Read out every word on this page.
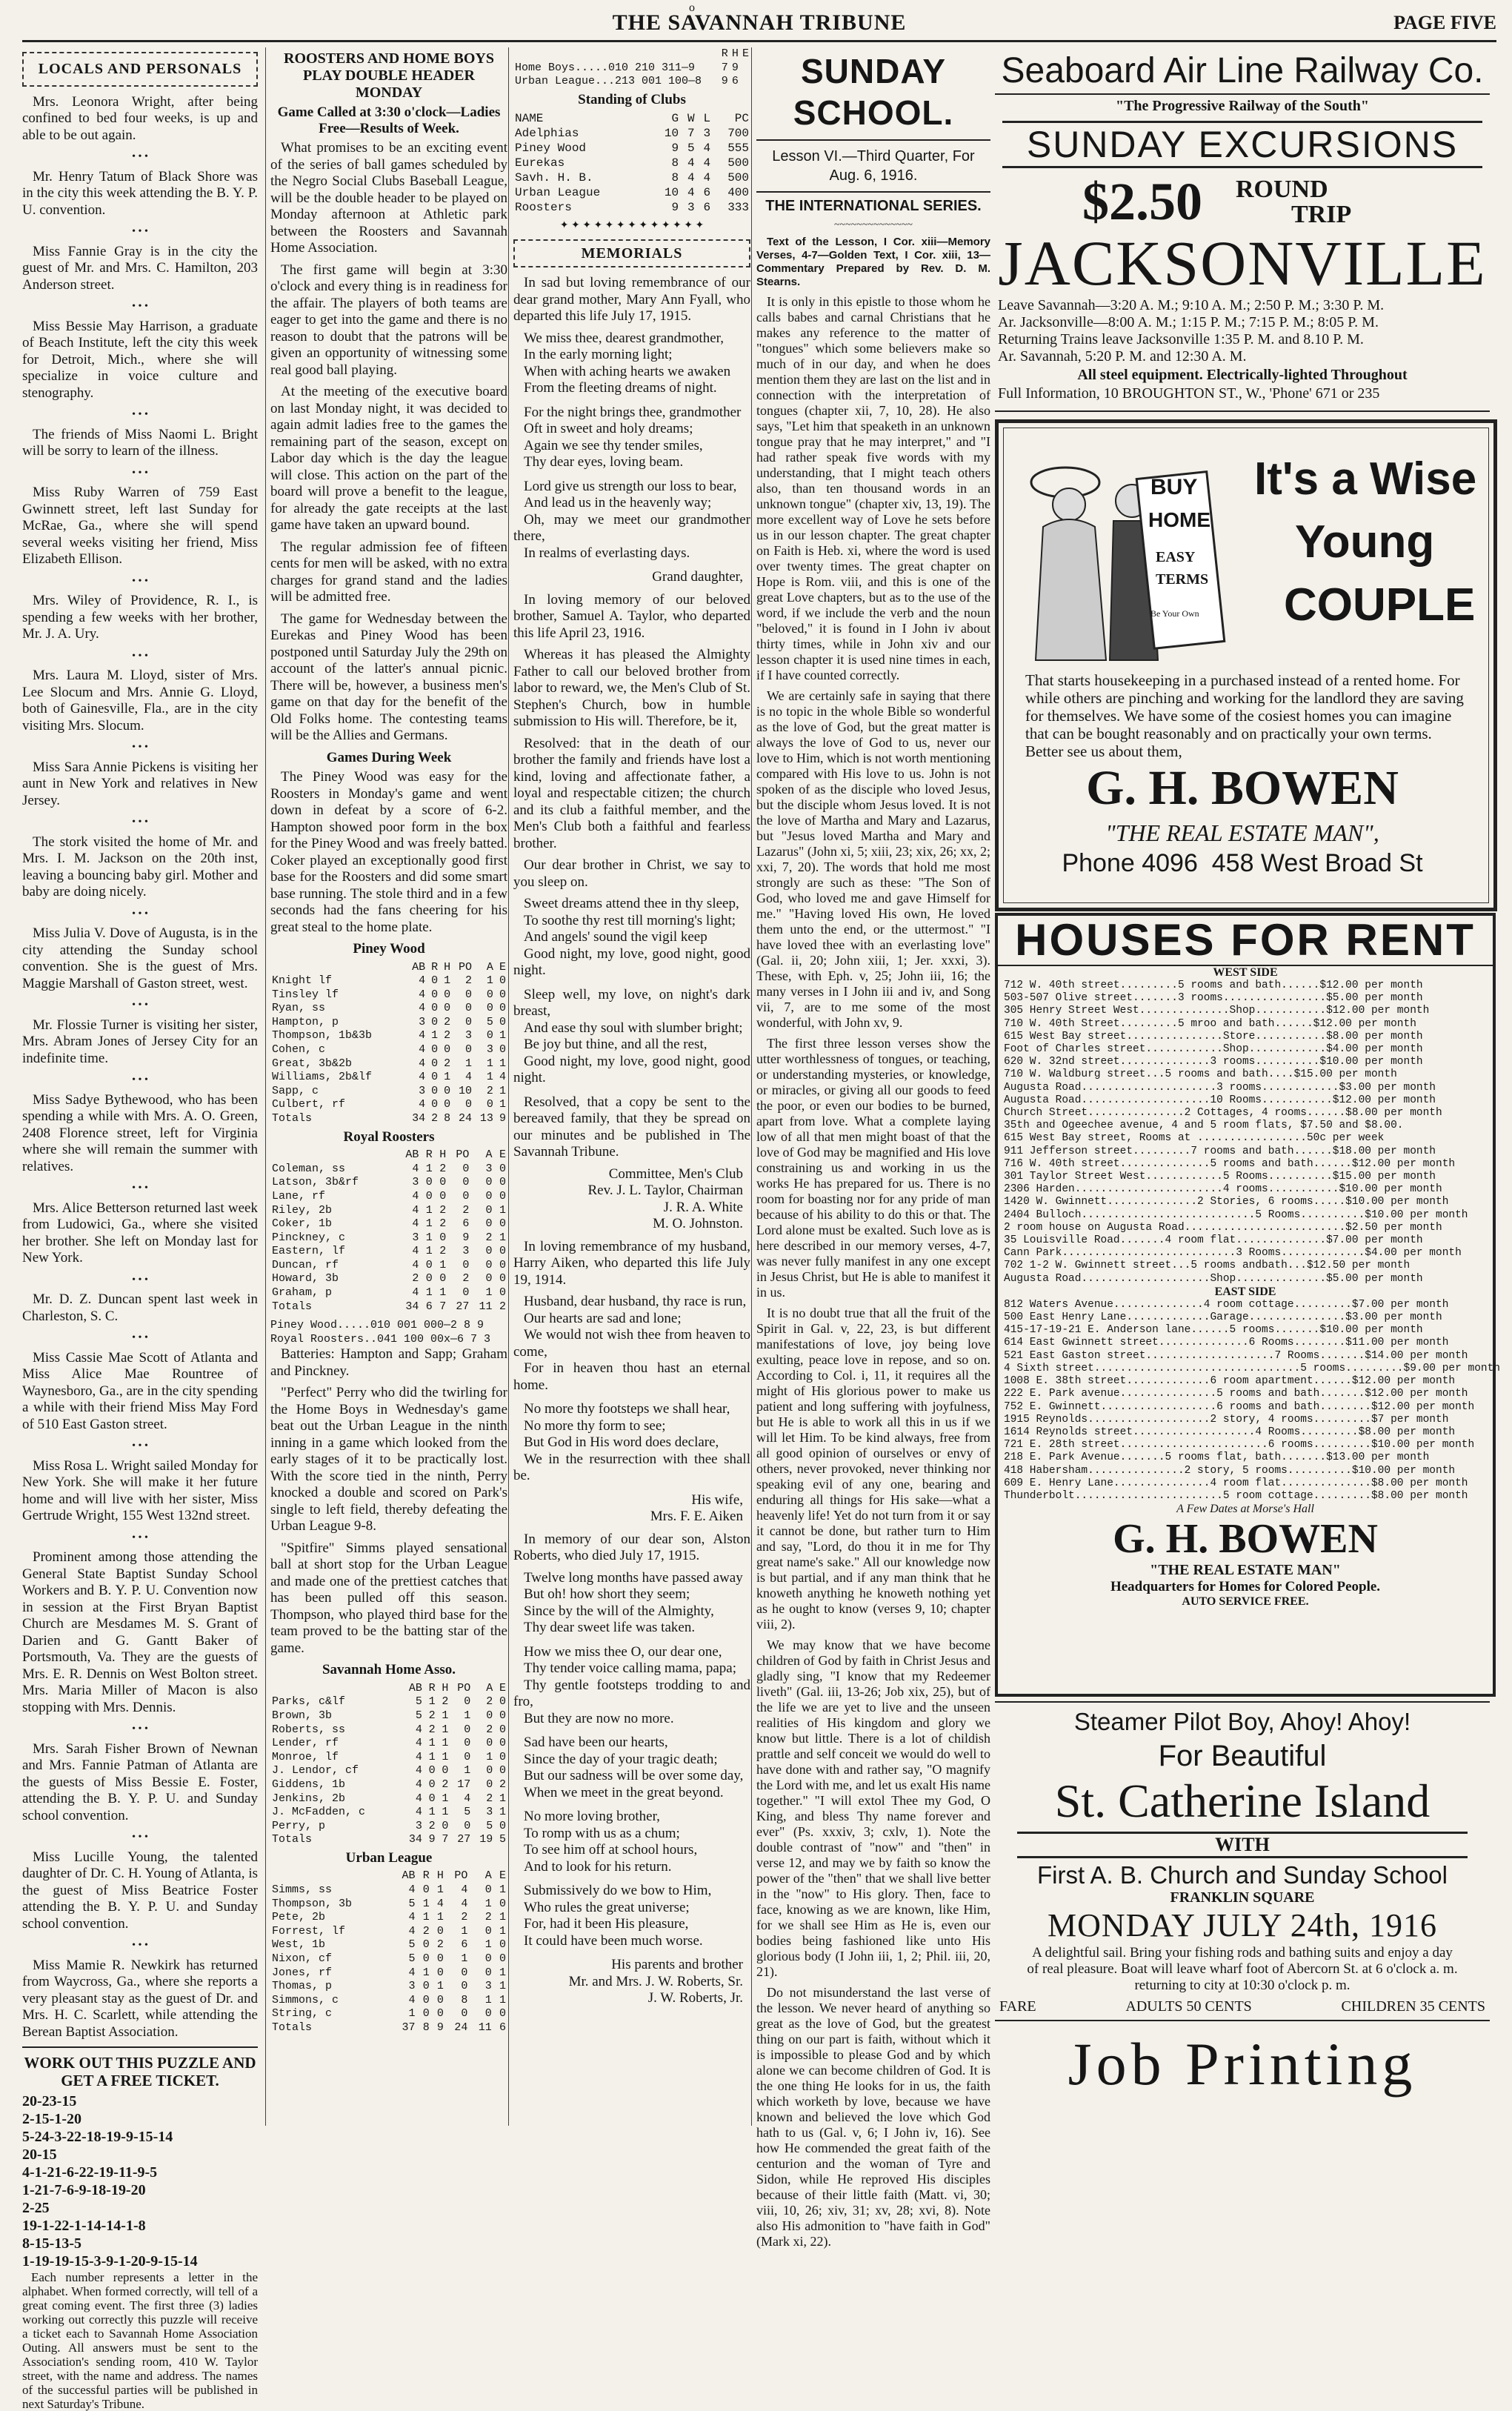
o
THE SAVANNAH TRIBUNE	PAGE FIVE
LOCALS AND PERSONALS

Mrs. Leonora Wright, after being confined to bed four weeks, is up and able to be out again.

• • •

Mr. Henry Tatum of Black Shore was in the city this week attending the B. Y. P. U. convention.

• • •

Miss Fannie Gray is in the city the guest of Mr. and Mrs. C. Hamilton, 203 Anderson street.

• • •

Miss Bessie May Harrison, a graduate of Beach Institute, left the city this week for Detroit, Mich., where she will specialize in voice culture and stenography.

• • •

The friends of Miss Naomi L. Bright will be sorry to learn of the illness.

• • •

Miss Ruby Warren of 759 East Gwinnett street, left last Sunday for McRae, Ga., where she will spend several weeks visiting her friend, Miss Elizabeth Ellison.

• • •

Mrs. Wiley of Providence, R. I., is spending a few weeks with her brother, Mr. J. A. Ury.

• • •

Mrs. Laura M. Lloyd, sister of Mrs. Lee Slocum and Mrs. Annie G. Lloyd, both of Gainesville, Fla., are in the city visiting Mrs. Slocum.

• • •

Miss Sara Annie Pickens is visiting her aunt in New York and relatives in New Jersey.

• • •

The stork visited the home of Mr. and Mrs. I. M. Jackson on the 20th inst, leaving a bouncing baby girl. Mother and baby are doing nicely.

• • •

Miss Julia V. Dove of Augusta, is in the city attending the Sunday school convention. She is the guest of Mrs. Maggie Marshall of Gaston street, west.

• • •

Mr. Flossie Turner is visiting her sister, Mrs. Abram Jones of Jersey City for an indefinite time.

• • •

Miss Sadye Bythewood, who has been spending a while with Mrs. A. O. Green, 2408 Florence street, left for Virginia where she will remain the summer with relatives.

• • •

Mrs. Alice Betterson returned last week from Ludowici, Ga., where she visited her brother. She left on Monday last for New York.

• • •

Mr. D. Z. Duncan spent last week in Charleston, S. C.

• • •

Miss Cassie Mae Scott of Atlanta and Miss Alice Mae Rountree of Waynesboro, Ga., are in the city spending a while with their friend Miss May Ford of 510 East Gaston street.

• • •

Miss Rosa L. Wright sailed Monday for New York. She will make it her future home and will live with her sister, Miss Gertrude Wright, 155 West 132nd street.

• • •

Prominent among those attending the General State Baptist Sunday School Workers and B. Y. P. U. Convention now in session at the First Bryan Baptist Church are Mesdames M. S. Grant of Darien and G. Gantt Baker of Portsmouth, Va. They are the guests of Mrs. E. R. Dennis on West Bolton street. Mrs. Maria Miller of Macon is also stopping with Mrs. Dennis.

• • •

Mrs. Sarah Fisher Brown of Newnan and Mrs. Fannie Patman of Atlanta are the guests of Miss Bessie E. Foster, attending the B. Y. P. U. and Sunday school convention.

• • •

Miss Lucille Young, the talented daughter of Dr. C. H. Young of Atlanta, is the guest of Miss Beatrice Foster attending the B. Y. P. U. and Sunday school convention.

• • •

Miss Mamie R. Newkirk has returned from Waycross, Ga., where she reports a very pleasant stay as the guest of Dr. and Mrs. H. C. Scarlett, while attending the Berean Baptist Association.

WORK OUT THIS PUZZLE AND GET A FREE TICKET.
20-23-15
2-15-1-20
5-24-3-22-18-19-9-15-14
20-15
4-1-21-6-22-19-11-9-5
1-21-7-6-9-18-19-20
2-25
19-1-22-1-14-14-1-8
8-15-13-5
1-19-19-15-3-9-1-20-9-15-14

Each number represents a letter in the alphabet. When formed correctly, will tell of a great coming event. The first three (3) ladies working out correctly this puzzle will receive a ticket each to Savannah Home Association Outing. All answers must be sent to the Association's sending room, 410 W. Taylor street, with the name and address. The names of the successful parties will be published in next Saturday's Tribune.

ROOSTERS AND HOME BOYS PLAY DOUBLE HEADER MONDAY
Game Called at 3:30 o'clock—Ladies Free—Results of Week.

What promises to be an exciting event of the series of ball games scheduled by the Negro Social Clubs Baseball League, will be the double header to be played on Monday afternoon at Athletic park between the Roosters and Savannah Home Association.

The first game will begin at 3:30 o'clock and every thing is in readiness for the affair. The players of both teams are eager to get into the game and there is no reason to doubt that the patrons will be given an opportunity of witnessing some real good ball playing.

At the meeting of the executive board on last Monday night, it was decided to again admit ladies free to the games the remaining part of the season, except on Labor day which is the day the league will close. This action on the part of the board will prove a benefit to the league, for already the gate receipts at the last game have taken an upward bound.

The regular admission fee of fifteen cents for men will be asked, with no extra charges for grand stand and the ladies will be admitted free.

The game for Wednesday between the Eurekas and Piney Wood has been postponed until Saturday July the 29th on account of the latter's annual picnic. There will be, however, a business men's game on that day for the benefit of the Old Folks home. The contesting teams will be the Allies and Germans.

Games During Week

The Piney Wood was easy for the Roosters in Monday's game and went down in defeat by a score of 6-2. Hampton showed poor form in the box for the Piney Wood and was freely batted. Coker played an exceptionally good first base for the Roosters and did some smart base running. The stole third and in a few seconds had the fans cheering for his great steal to the home plate.

Piney Wood
	AB	R	H	PO	A	E
Knight lf	4	0	1	2	1	0
Tinsley lf	4	0	0	0	0	0
Ryan, ss	4	0	0	0	0	0
Hampton, p	3	0	2	0	5	0
Thompson, 1b&3b	4	1	2	3	0	1
Cohen, c	4	0	0	0	3	0
Great, 3b&2b	4	0	2	1	1	1
Williams, 2b&lf	4	0	1	4	1	4
Sapp, c	3	0	0	10	2	1
Culbert, rf	4	0	0	0	0	1
Totals	34	2	8	24	13	9
Royal Roosters
	AB	R	H	PO	A	E
Coleman, ss	4	1	2	0	3	0
Latson, 3b&rf	3	0	0	0	0	0
Lane, rf	4	0	0	0	0	0
Riley, 2b	4	1	2	2	0	1
Coker, 1b	4	1	2	6	0	0
Pinckney, c	3	1	0	9	2	1
Eastern, lf	4	1	2	3	0	0
Duncan, rf	4	0	1	0	0	0
Howard, 3b	2	0	0	2	0	0
Graham, p	4	1	1	0	1	0
Totals	34	6	7	27	11	2
Piney Wood.....010 001 000—2 8 9
Royal Roosters..041 100 00x—6 7 3

Batteries: Hampton and Sapp; Graham and Pinckney.

"Perfect" Perry who did the twirling for the Home Boys in Wednesday's game beat out the Urban League in the ninth inning in a game which looked from the early stages of it to be practically lost. With the score tied in the ninth, Perry knocked a double and scored on Park's single to left field, thereby defeating the Urban League 9-8.

"Spitfire" Simms played sensational ball at short stop for the Urban League and made one of the prettiest catches that has been pulled off this season. Thompson, who played third base for the team proved to be the batting star of the game.

Savannah Home Asso.
	AB	R	H	PO	A	E
Parks, c&lf	5	1	2	0	2	0
Brown, 3b	5	2	1	1	0	0
Roberts, ss	4	2	1	0	2	0
Lender, rf	4	1	1	0	0	0
Monroe, lf	4	1	1	0	1	0
J. Lendor, cf	4	0	0	1	0	0
Giddens, 1b	4	0	2	17	0	2
Jenkins, 2b	4	0	1	4	2	1
J. McFadden, c	4	1	1	5	3	1
Perry, p	3	2	0	0	5	0
Totals	34	9	7	27	19	5
Urban League
	AB	R	H	PO	A	E
Simms, ss	4	0	1	4	0	1
Thompson, 3b	5	1	4	4	1	0
Pete, 2b	4	1	1	2	2	1
Forrest, lf	4	2	0	1	0	1
West, 1b	5	0	2	6	1	0
Nixon, cf	5	0	0	1	0	0
Jones, rf	4	1	0	0	0	1
Thomas, p	3	0	1	0	3	1
Simmons, c	4	0	0	8	1	1
String, c	1	0	0	0	0	0
Totals	37	8	9	24	11	6
	R	H	E
Home Boys.....010 210 311—9	7	9	
Urban League...213 001 100—8	9	6	
Standing of Clubs
NAME	G	W	L	PC
Adelphias	10	7	3	700
Piney Wood	9	5	4	555
Eurekas	8	4	4	500
Savh. H. B.	8	4	4	500
Urban League	10	4	6	400
Roosters	9	3	6	333
✦ ✦ ✦ ✦ ✦ ✦ ✦ ✦ ✦ ✦ ✦ ✦ ✦
MEMORIALS

In sad but loving remembrance of our dear grand mother, Mary Ann Fyall, who departed this life July 17, 1915.

We miss thee, dearest grandmother,

In the early morning light;

When with aching hearts we awaken

From the fleeting dreams of night.

For the night brings thee, grandmother

Oft in sweet and holy dreams;

Again we see thy tender smiles,

Thy dear eyes, loving beam.

Lord give us strength our loss to bear,

And lead us in the heavenly way;

Oh, may we meet our grandmother there,

In realms of everlasting days.

Grand daughter,

In loving memory of our beloved brother, Samuel A. Taylor, who departed this life April 23, 1916.

Whereas it has pleased the Almighty Father to call our beloved brother from labor to reward, we, the Men's Club of St. Stephen's Church, bow in humble submission to His will. Therefore, be it,

Resolved: that in the death of our brother the family and friends have lost a kind, loving and affectionate father, a loyal and respectable citizen; the church and its club a faithful member, and the Men's Club both a faithful and fearless brother.

Our dear brother in Christ, we say to you sleep on.

Sweet dreams attend thee in thy sleep,

To soothe thy rest till morning's light;

And angels' sound the vigil keep

Good night, my love, good night, good night.

Sleep well, my love, on night's dark breast,

And ease thy soul with slumber bright;

Be joy but thine, and all the rest,

Good night, my love, good night, good night.

Resolved, that a copy be sent to the bereaved family, that they be spread on our minutes and be published in The Savannah Tribune.

Committee, Men's Club
Rev. J. L. Taylor, Chairman
J. R. A. White
M. O. Johnston.

In loving remembrance of my husband, Harry Aiken, who departed this life July 19, 1914.

Husband, dear husband, thy race is run,

Our hearts are sad and lone;

We would not wish thee from heaven to come,

For in heaven thou hast an eternal home.

No more thy footsteps we shall hear,

No more thy form to see;

But God in His word does declare,

We in the resurrection with thee shall be.

His wife,
Mrs. F. E. Aiken

In memory of our dear son, Alston Roberts, who died July 17, 1915.

Twelve long months have passed away

But oh! how short they seem;

Since by the will of the Almighty,

Thy dear sweet life was taken.

How we miss thee O, our dear one,

Thy tender voice calling mama, papa;

Thy gentle footsteps trodding to and fro,

But they are now no more.

Sad have been our hearts,

Since the day of your tragic death;

But our sadness will be over some day,

When we meet in the great beyond.

No more loving brother,

To romp with us as a chum;

To see him off at school hours,

And to look for his return.

Submissively do we bow to Him,

Who rules the great universe;

For, had it been His pleasure,

It could have been much worse.

His parents and brother
Mr. and Mrs. J. W. Roberts, Sr.
J. W. Roberts, Jr.
SUNDAY SCHOOL.
Lesson VI.—Third Quarter, For Aug. 6, 1916.
THE INTERNATIONAL SERIES.
~~~~~~~~~~~~~~

Text of the Lesson, I Cor. xiii—Memory Verses, 4-7—Golden Text, I Cor. xiii, 13—Commentary Prepared by Rev. D. M. Stearns.

It is only in this epistle to those whom he calls babes and carnal Christians that he makes any reference to the matter of "tongues" which some believers make so much of in our day, and when he does mention them they are last on the list and in connection with the interpretation of tongues (chapter xii, 7, 10, 28). He also says, "Let him that speaketh in an unknown tongue pray that he may interpret," and "I had rather speak five words with my understanding, that I might teach others also, than ten thousand words in an unknown tongue" (chapter xiv, 13, 19). The more excellent way of Love he sets before us in our lesson chapter. The great chapter on Faith is Heb. xi, where the word is used over twenty times. The great chapter on Hope is Rom. viii, and this is one of the great Love chapters, but as to the use of the word, if we include the verb and the noun "beloved," it is found in I John iv about thirty times, while in John xiv and our lesson chapter it is used nine times in each, if I have counted correctly.

We are certainly safe in saying that there is no topic in the whole Bible so wonderful as the love of God, but the great matter is always the love of God to us, never our love to Him, which is not worth mentioning compared with His love to us. John is not spoken of as the disciple who loved Jesus, but the disciple whom Jesus loved. It is not the love of Martha and Mary and Lazarus, but "Jesus loved Martha and Mary and Lazarus" (John xi, 5; xiii, 23; xix, 26; xx, 2; xxi, 7, 20). The words that hold me most strongly are such as these: "The Son of God, who loved me and gave Himself for me." "Having loved His own, He loved them unto the end, or the uttermost." "I have loved thee with an everlasting love" (Gal. ii, 20; John xiii, 1; Jer. xxxi, 3). These, with Eph. v, 25; John iii, 16; the many verses in I John iii and iv, and Song vii, 7, are to me some of the most wonderful, with John xv, 9.

The first three lesson verses show the utter worthlessness of tongues, or teaching, or understanding mysteries, or knowledge, or miracles, or giving all our goods to feed the poor, or even our bodies to be burned, apart from love. What a complete laying low of all that men might boast of that the love of God may be magnified and His love constraining us and working in us the works He has prepared for us. There is no room for boasting nor for any pride of man because of his ability to do this or that. The Lord alone must be exalted. Such love as is here described in our memory verses, 4-7, was never fully manifest in any one except in Jesus Christ, but He is able to manifest it in us.

It is no doubt true that all the fruit of the Spirit in Gal. v, 22, 23, is but different manifestations of love, joy being love exulting, peace love in repose, and so on. According to Col. i, 11, it requires all the might of His glorious power to make us patient and long suffering with joyfulness, but He is able to work all this in us if we will let Him. To be kind always, free from all good opinion of ourselves or envy of others, never provoked, never thinking nor speaking evil of any one, bearing and enduring all things for His sake—what a heavenly life! Yet do not turn from it or say it cannot be done, but rather turn to Him and say, "Lord, do thou it in me for Thy great name's sake." All our knowledge now is but partial, and if any man think that he knoweth anything he knoweth nothing yet as he ought to know (verses 9, 10; chapter viii, 2).

We may know that we have become children of God by faith in Christ Jesus and gladly sing, "I know that my Redeemer liveth" (Gal. iii, 13-26; Job xix, 25), but of the life we are yet to live and the unseen realities of His kingdom and glory we know but little. There is a lot of childish prattle and self conceit we would do well to have done with and rather say, "O magnify the Lord with me, and let us exalt His name together." "I will extol Thee my God, O King, and bless Thy name forever and ever" (Ps. xxxiv, 3; cxlv, 1). Note the double contrast of "now" and "then" in verse 12, and may we by faith so know the power of the "then" that we shall live better in the "now" to His glory. Then, face to face, knowing as we are known, like Him, for we shall see Him as He is, even our bodies being fashioned like unto His glorious body (I John iii, 1, 2; Phil. iii, 20, 21).

Do not misunderstand the last verse of the lesson. We never heard of anything so great as the love of God, but the greatest thing on our part is faith, without which it is impossible to please God and by which alone we can become children of God. It is the one thing He looks for in us, the faith which worketh by love, because we have known and believed the love which God hath to us (Gal. v, 6; I John iv, 16). See how He commended the great faith of the centurion and the woman of Tyre and Sidon, while He reproved His disciples because of their little faith (Matt. vi, 30; viii, 10, 26; xiv, 31; xv, 28; xvi, 8). Note also His admonition to "have faith in God" (Mark xi, 22).

Seaboard Air Line Railway Co.
"The Progressive Railway of the South"
SUNDAY EXCURSIONS
$2.50 ROUND
TRIP
JACKSONVILLE
Leave Savannah—3:20 A. M.; 9:10 A. M.; 2:50 P. M.; 3:30 P. M.
Ar. Jacksonville—8:00 A. M.; 1:15 P. M.; 7:15 P. M.; 8:05 P. M.
Returning Trains leave Jacksonville 1:35 P. M. and 8.10 P. M.
Ar. Savannah, 5:20 P. M. and 12:30 A. M.
All steel equipment. Electrically-lighted Throughout
Full Information, 10 BROUGHTON ST., W., 'Phone' 671 or 235
BUY
HOME
EASY
TERMS
Be Your Own
It's a Wise
Young
COUPLE
That starts housekeeping in a purchased instead of a rented home. For while others are pinching and working for the landlord they are saving for themselves. We have some of the cosiest homes you can imagine that can be bought reasonably and on practically your own terms. Better see us about them,
G. H. BOWEN
"THE REAL ESTATE MAN",
Phone 4096  458 West Broad St
HOUSES FOR RENT
WEST SIDE
712 W. 40th street.........5 rooms and bath......$12.00 per month
503-507 Olive street.......3 rooms................$5.00 per month
305 Henry Street West..............Shop...........$12.00 per month
710 W. 40th Street.........5 mroo and bath......$12.00 per month
615 West Bay street...............Store...........$8.00 per month
Foot of Charles street............Shop............$4.00 per month
620 W. 32nd street..............3 rooms..........$10.00 per month
710 W. Waldburg street...5 rooms and bath....$15.00 per month
Augusta Road.....................3 rooms............$3.00 per month
Augusta Road....................10 Rooms...........$12.00 per month
Church Street...............2 Cottages, 4 rooms......$8.00 per month
35th and Ogeechee avenue, 4 and 5 room flats, $7.50 and $8.00.
615 West Bay street, Rooms at .................50c per week
911 Jefferson street.........7 rooms and bath......$18.00 per month
716 W. 40th street..............5 rooms and bath......$12.00 per month
301 Taylor Street West............5 Rooms..........$15.00 per month
2306 Harden.......................4 rooms...........$10.00 per month
1420 W. Gwinnett..............2 Stories, 6 rooms.....$10.00 per month
2404 Bulloch...........................5 Rooms..........$10.00 per month
2 room house on Augusta Road.........................$2.50 per month
35 Louisville Road.......4 room flat..............$7.00 per month
Cann Park...........................3 Rooms.............$4.00 per month
702 1-2 W. Gwinnett street...5 rooms andbath...$12.50 per month
Augusta Road....................Shop..............$5.00 per month
EAST SIDE
812 Waters Avenue..............4 room cottage.........$7.00 per month
500 East Henry Lane.............Garage...............$3.00 per month
415-17-19-21 E. Anderson lane......5 rooms.......$10.00 per month
614 East Gwinnett street..............6 Rooms........$11.00 per month
521 East Gaston street....................7 Rooms.......$14.00 per month
4 Sixth street................................5 rooms.........$9.00 per month
1008 E. 38th street.............6 room apartment......$12.00 per month
222 E. Park avenue...............5 rooms and bath.......$12.00 per month
752 E. Gwinnett..................6 rooms and bath........$12.00 per month
1915 Reynolds...................2 story, 4 rooms.........$7 per month
1614 Reynolds street...................4 Rooms.........$8.00 per month
721 E. 28th street.......................6 rooms.........$10.00 per month
218 E. Park Avenue.......5 rooms flat, bath.......$13.00 per month
418 Habersham...............2 story, 5 rooms..........$10.00 per month
609 E. Henry Lane...............4 room flat..............$8.00 per month
Thunderbolt.......................5 room cottage.........$8.00 per month
A Few Dates at Morse's Hall
G. H. BOWEN
"THE REAL ESTATE MAN"
Headquarters for Homes for Colored People.
AUTO SERVICE FREE.
Steamer Pilot Boy, Ahoy! Ahoy!
For Beautiful
St. Catherine Island
WITH
First A. B. Church and Sunday School
FRANKLIN SQUARE
MONDAY JULY 24th, 1916
A delightful sail. Bring your fishing rods and bathing suits and enjoy a day of real pleasure. Boat will leave wharf foot of Abercorn St. at 6 o'clock a. m. returning to city at 10:30 o'clock p. m.
FARE	ADULTS 50 CENTS	CHILDREN 35 CENTS
Job Printing
